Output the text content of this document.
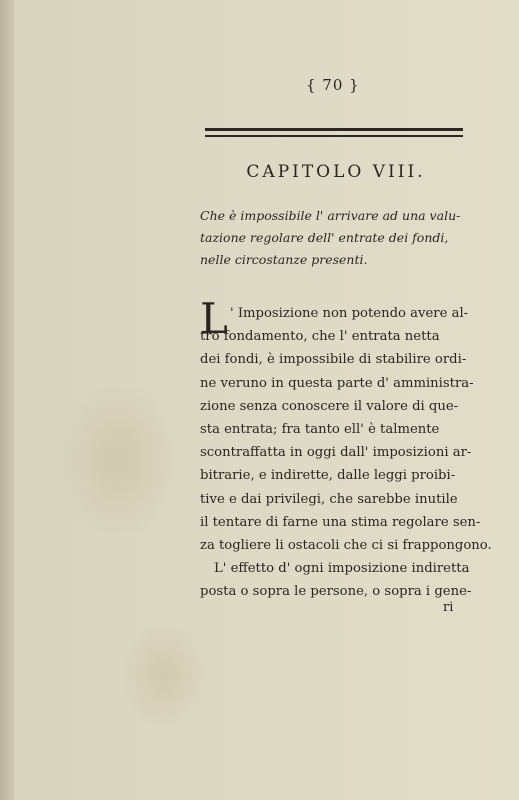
{ 70 }
CAPITOLO VIII.
Che è impossibile l' arrivare ad una valu-
tazione regolare dell' entrate dei fondi,
nelle circostanze presenti.
L ' Imposizione non potendo avere al-
tro fondamento, che l' entrata netta
dei fondi, è impossibile di stabilire ordi-
ne veruno in questa parte d' amministra-
zione senza conoscere il valore di que-
sta entrata; fra tanto ell' è talmente
scontraffatta in oggi dall' imposizioni ar-
bitrarie, e indirette, dalle leggi proibi-
tive e dai privilegi, che sarebbe inutile
il tentare di farne una stima regolare sen-
za togliere li ostacoli che ci si frappongono.
L' effetto d' ogni imposizione indiretta
posta o sopra le persone, o sopra i gene-
ri
